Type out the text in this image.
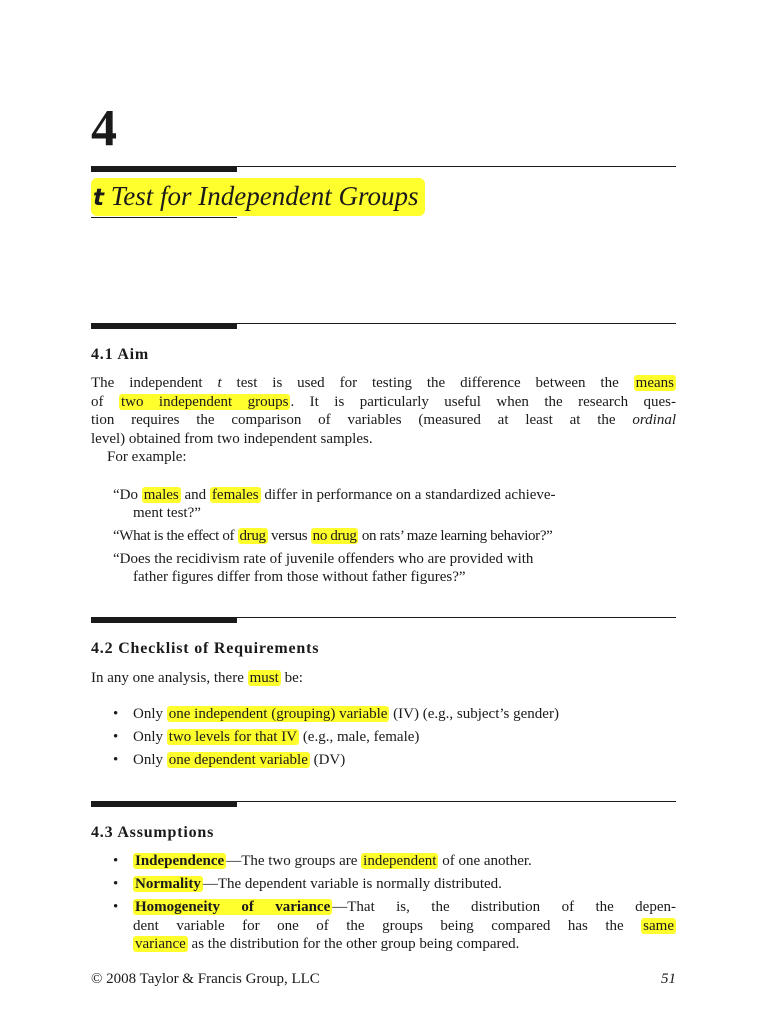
4
t Test for Independent Groups
4.1 Aim
The independent t test is used for testing the difference between the means
of two independent groups . It is particularly useful when the research ques-
tion requires the comparison of variables (measured at least at the ordinal
level) obtained from two independent samples.
For example:
“Do males and females differ in performance on a standardized achieve-
ment test?”
“What is the effect of drug versus no drug on rats’ maze learning behavior?”
“Does the recidivism rate of juvenile offenders who are provided with
father figures differ from those without father figures?”
4.2 Checklist of Requirements
In any one analysis, there must be:
• Only one independent (grouping) variable (IV) (e.g., subject’s gender)
• Only two levels for that IV (e.g., male, female)
• Only one dependent variable (DV)
4.3 Assumptions
• Independence —The two groups are independent of one another.
• Normality —The dependent variable is normally distributed.
• Homogeneity of variance —That is, the distribution of the depen-
dent variable for one of the groups being compared has the same
variance as the distribution for the other group being compared.
© 2008 Taylor & Francis Group, LLC	51
